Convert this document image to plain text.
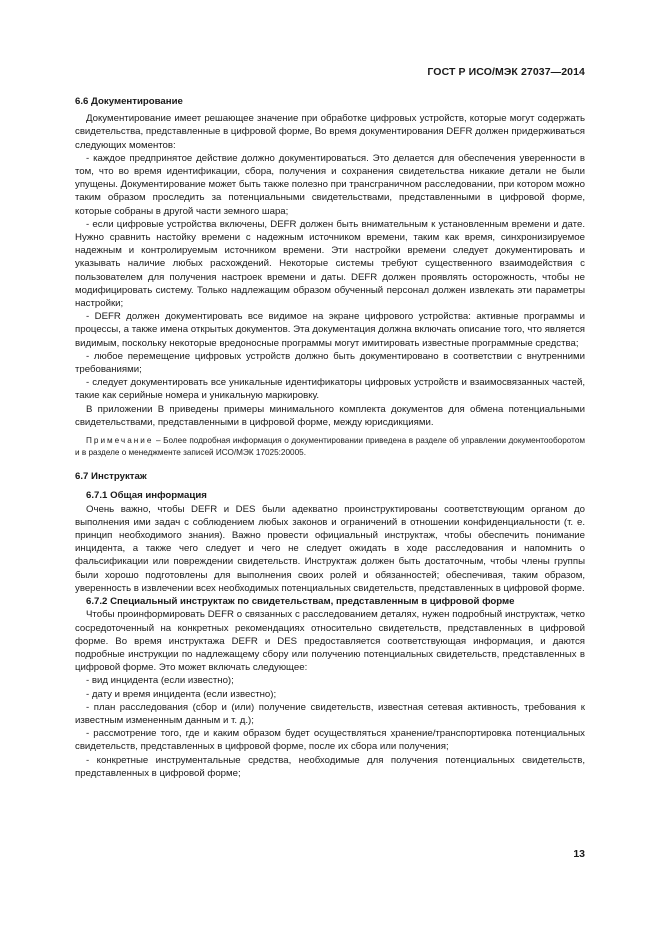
ГОСТ Р ИСО/МЭК 27037—2014
6.6 Документирование

Документирование имеет решающее значение при обработке цифровых устройств, которые могут содержать свидетельства, представленные в цифровой форме, Во время документирования DEFR должен придерживаться следующих моментов:

- каждое предпринятое действие должно документироваться. Это делается для обеспечения уверенности в том, что во время идентификации, сбора, получения и сохранения свидетельства никакие детали не были упущены. Документирование может быть также полезно при трансграничном расследовании, при котором можно таким образом проследить за потенциальными свидетельствами, представленными в цифровой форме, которые собраны в другой части земного шара;

- если цифровые устройства включены, DEFR должен быть внимательным к установленным времени и дате. Нужно сравнить настойку времени с надежным источником времени, таким как время, синхронизируемое надежным и контролируемым источником времени. Эти настройки времени следует документировать и указывать наличие любых расхождений. Некоторые системы требуют существенного взаимодействия с пользователем для получения настроек времени и даты. DEFR должен проявлять осторожность, чтобы не модифицировать систему. Только надлежащим образом обученный персонал должен извлекать эти параметры настройки;

- DEFR должен документировать все видимое на экране цифрового устройства: активные программы и процессы, а также имена открытых документов. Эта документация должна включать описание того, что является видимым, поскольку некоторые вредоносные программы могут имитировать известные программные средства;

- любое перемещение цифровых устройств должно быть документировано в соответствии с внутренними требованиями;

- следует документировать все уникальные идентификаторы цифровых устройств и взаимосвязанных частей, такие как серийные номера и уникальную маркировку.

В приложении В приведены примеры минимального комплекта документов для обмена потенциальными свидетельствами, представленными в цифровой форме, между юрисдикциями.

Примечание – Более подробная информация о документировании приведена в разделе об управлении документооборотом и в разделе о менеджменте записей ИСО/МЭК 17025:20005.

6.7 Инструктаж
6.7.1 Общая информация

Очень важно, чтобы DEFR и DES были адекватно проинструктированы соответствующим органом до выполнения ими задач с соблюдением любых законов и ограничений в отношении конфиденциальности (т. е. принцип необходимого знания). Важно провести официальный инструктаж, чтобы обеспечить понимание инцидента, а также чего следует и чего не следует ожидать в ходе расследования и напомнить о фальсификации или повреждении свидетельств. Инструктаж должен быть достаточным, чтобы члены группы были хорошо подготовлены для выполнения своих ролей и обязанностей; обеспечивая, таким образом, уверенность в извлечении всех необходимых потенциальных свидетельств, представленных в цифровой форме.

6.7.2 Специальный инструктаж по свидетельствам, представленным в цифровой форме

Чтобы проинформировать DEFR о связанных с расследованием деталях, нужен подробный инструктаж, четко сосредоточенный на конкретных рекомендациях относительно свидетельств, представленных в цифровой форме. Во время инструктажа DEFR и DES предоставляется соответствующая информация, и даются подробные инструкции по надлежащему сбору или получению потенциальных свидетельств, представленных в цифровой форме. Это может включать следующее:

- вид инцидента (если известно);

- дату и время инцидента (если известно);

- план расследования (сбор и (или) получение свидетельств, известная сетевая активность, требования к известным измененным данным и т. д.);

- рассмотрение того, где и каким образом будет осуществляться хранение/транспортировка потенциальных свидетельств, представленных в цифровой форме, после их сбора или получения;

- конкретные инструментальные средства, необходимые для получения потенциальных свидетельств, представленных в цифровой форме;

13
